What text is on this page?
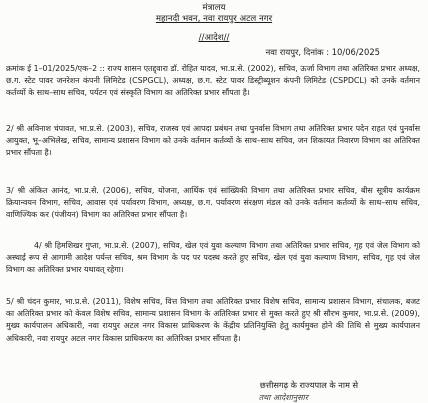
मंत्रालय
महानदी भवन, नवा रायपुर अटल नगर
//आदेश//
नवा रायपुर, दिनांक : 10/06/2025

क्रमांक ई 1–01/2025/एक–2 :: राज्य शासन एतद्द्वारा डॉ. रोहित यादव, भा.प्र.से. (2002), सचिव, ऊर्जा विभाग तथा अतिरिक्त प्रभार अध्यक्ष, छ.ग. स्टेट पावर जनरेशन कंपनी लिमिटेड (CSPGCL), अध्यक्ष, छ.ग. स्टेट पावर डिस्ट्रीब्यूशन कंपनी लिमिटेड (CSPDCL) को उनके वर्तमान कर्तव्यों के साथ–साथ सचिव, पर्यटन एवं संस्कृति विभाग का अतिरिक्त प्रभार सौंपता है।

2/ श्री अविनाश चंपावत, भा.प्र.से. (2003), सचिव, राजस्व एवं आपदा प्रबंधन तथा पुनर्वास विभाग तथा अतिरिक्त प्रभार पदेन राहत एवं पुनर्वास आयुक्त, भू–अभिलेख, सचिव, सामान्य प्रशासन विभाग को उनके वर्तमान कर्तव्यों के साथ–साथ सचिव, जन शिकायत निवारण विभाग का अतिरिक्त प्रभार सौंपता है।

3/ श्री अंकित आनंद, भा.प्र.से. (2006), सचिव, योजना, आर्थिक एवं सांख्यिकी विभाग तथा अतिरिक्त प्रभार सचिव, बीस सूत्रीय कार्यक्रम क्रियान्वयन विभाग, सचिव, आवास एवं पर्यावरण विभाग, अध्यक्ष, छ.ग. पर्यावरण संरक्षण मंडल को उनके वर्तमान कर्तव्यों के साथ–साथ सचिव, वाणिज्यिक कर (पंजीयन) विभाग का अतिरिक्त प्रभार सौंपता है।

4/ श्री हिमशिखर गुप्ता, भा.प्र.से. (2007), सचिव, खेल एवं युवा कल्याण विभाग तथा अतिरिक्त प्रभार सचिव, गृह एवं जेल विभाग को अस्थाई रूप से आगामी आदेश पर्यन्त सचिव, श्रम विभाग के पद पर पदस्थ करते हुए सचिव, खेल एवं युवा कल्याण विभाग, सचिव, गृह एवं जेल विभाग का अतिरिक्त प्रभार यथावत् रहेगा।

5/ श्री चंदन कुमार, भा.प्र.से. (2011), विशेष सचिव, वित्त विभाग तथा अतिरिक्त प्रभार विशेष सचिव, सामान्य प्रशासन विभाग, संचालक, बजट का अतिरिक्त प्रभार को केवल विशेष सचिव, सामान्य प्रशासन विभाग के अतिरिक्त प्रभार से मुक्त करते हुए श्री सौरभ कुमार, भा.प्र.से. (2009), मुख्य कार्यपालन अधिकारी, नवा रायपुर अटल नगर विकास प्राधिकरण के केंद्रीय प्रतिनियुक्ति हेतु कार्यमुक्त होने की तिथि से मुख्य कार्यपालन अधिकारी, नवा रायपुर अटल नगर विकास प्राधिकरण का अतिरिक्त प्रभार सौंपता है।

छत्तीसगढ़ के राज्यपाल के नाम से
तथा आदेशानुसार
